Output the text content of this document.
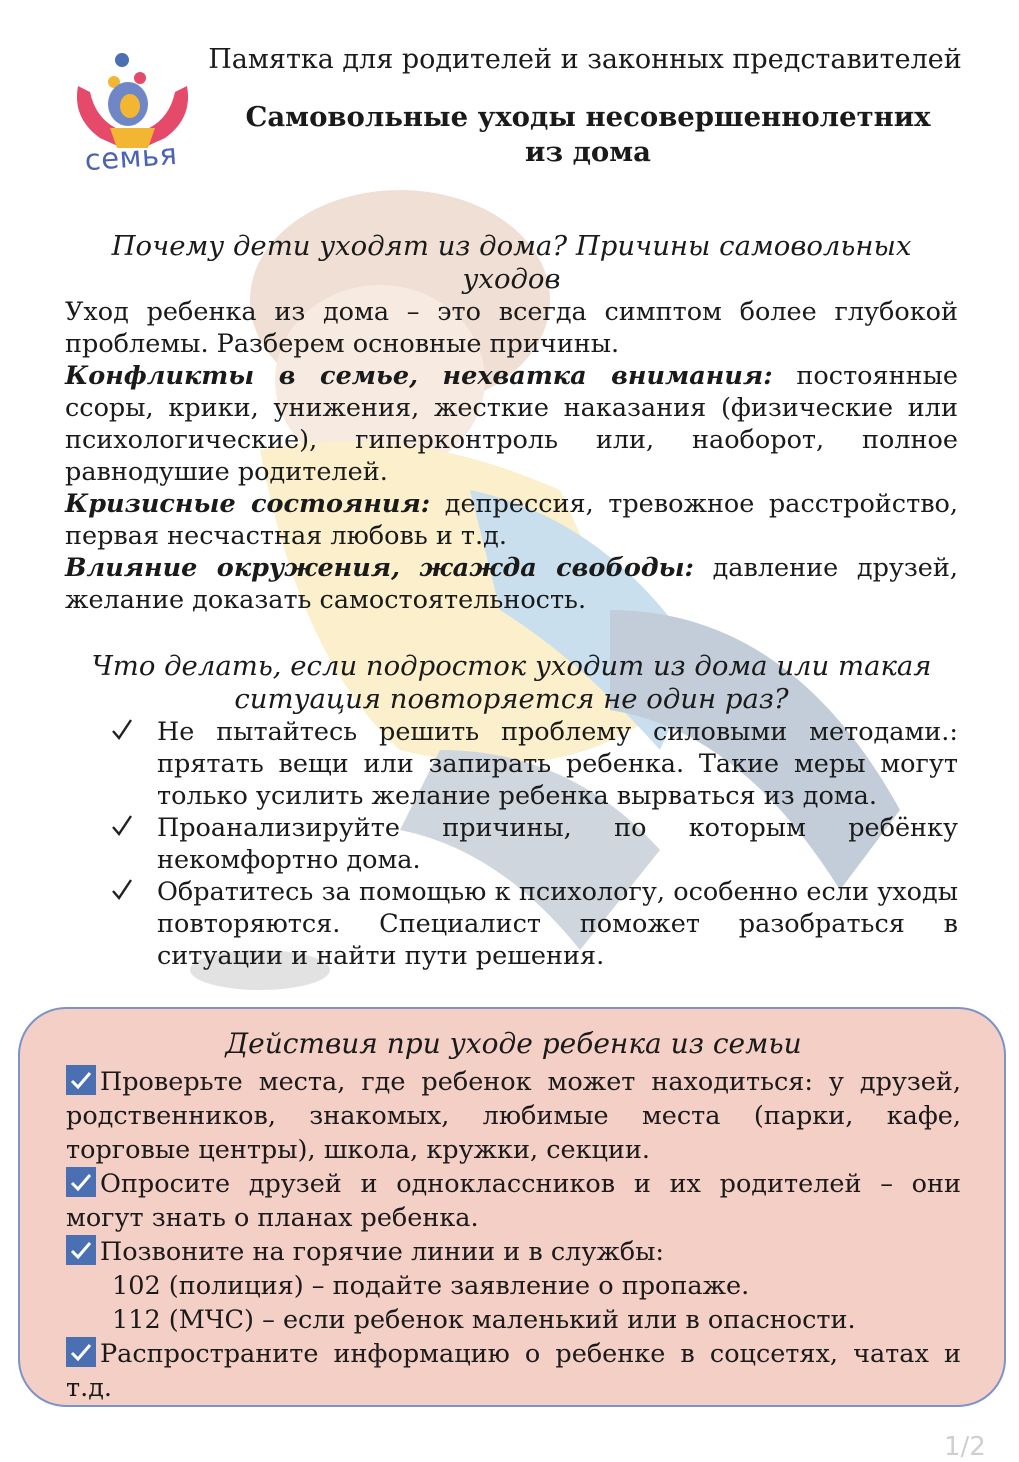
семья
Памятка для родителей и законных представителей
Самовольные уходы несовершеннолетних
из дома

Почему дети уходят из дома? Причины самовольных уходов

Уход ребенка из дома – это всегда симптом более глубокой проблемы. Разберем основные причины.

Конфликты в семье, нехватка внимания: постоянные ссоры, крики, унижения, жесткие наказания (физические или психологические), гиперконтроль или, наоборот, полное равнодушие родителей.

Кризисные состояния: депрессия, тревожное расстройство, первая несчастная любовь и т.д.

Влияние окружения, жажда свободы: давление друзей, желание доказать самостоятельность.

Что делать, если подросток уходит из дома или такая ситуация повторяется не один раз?

Не пытайтесь решить проблему силовыми методами.: прятать вещи или запирать ребенка. Такие меры могут только усилить желание ребенка вырваться из дома.
Проанализируйте причины, по которым ребёнку некомфортно дома.
Обратитесь за помощью к психологу, особенно если уходы повторяются. Специалист поможет разобраться в ситуации и найти пути решения.

Действия при уходе ребенка из семьи

Проверьте места, где ребенок может находиться: у друзей, родственников, знакомых, любимые места (парки, кафе, торговые центры), школа, кружки, секции.

Опросите друзей и одноклассников и их родителей – они могут знать о планах ребенка.

Позвоните на горячие линии и в службы:

102 (полиция) – подайте заявление о пропаже.

112 (МЧС) – если ребенок маленький или в опасности.

Распространите информацию о ребенке в соцсетях, чатах и т.д.

1/2
